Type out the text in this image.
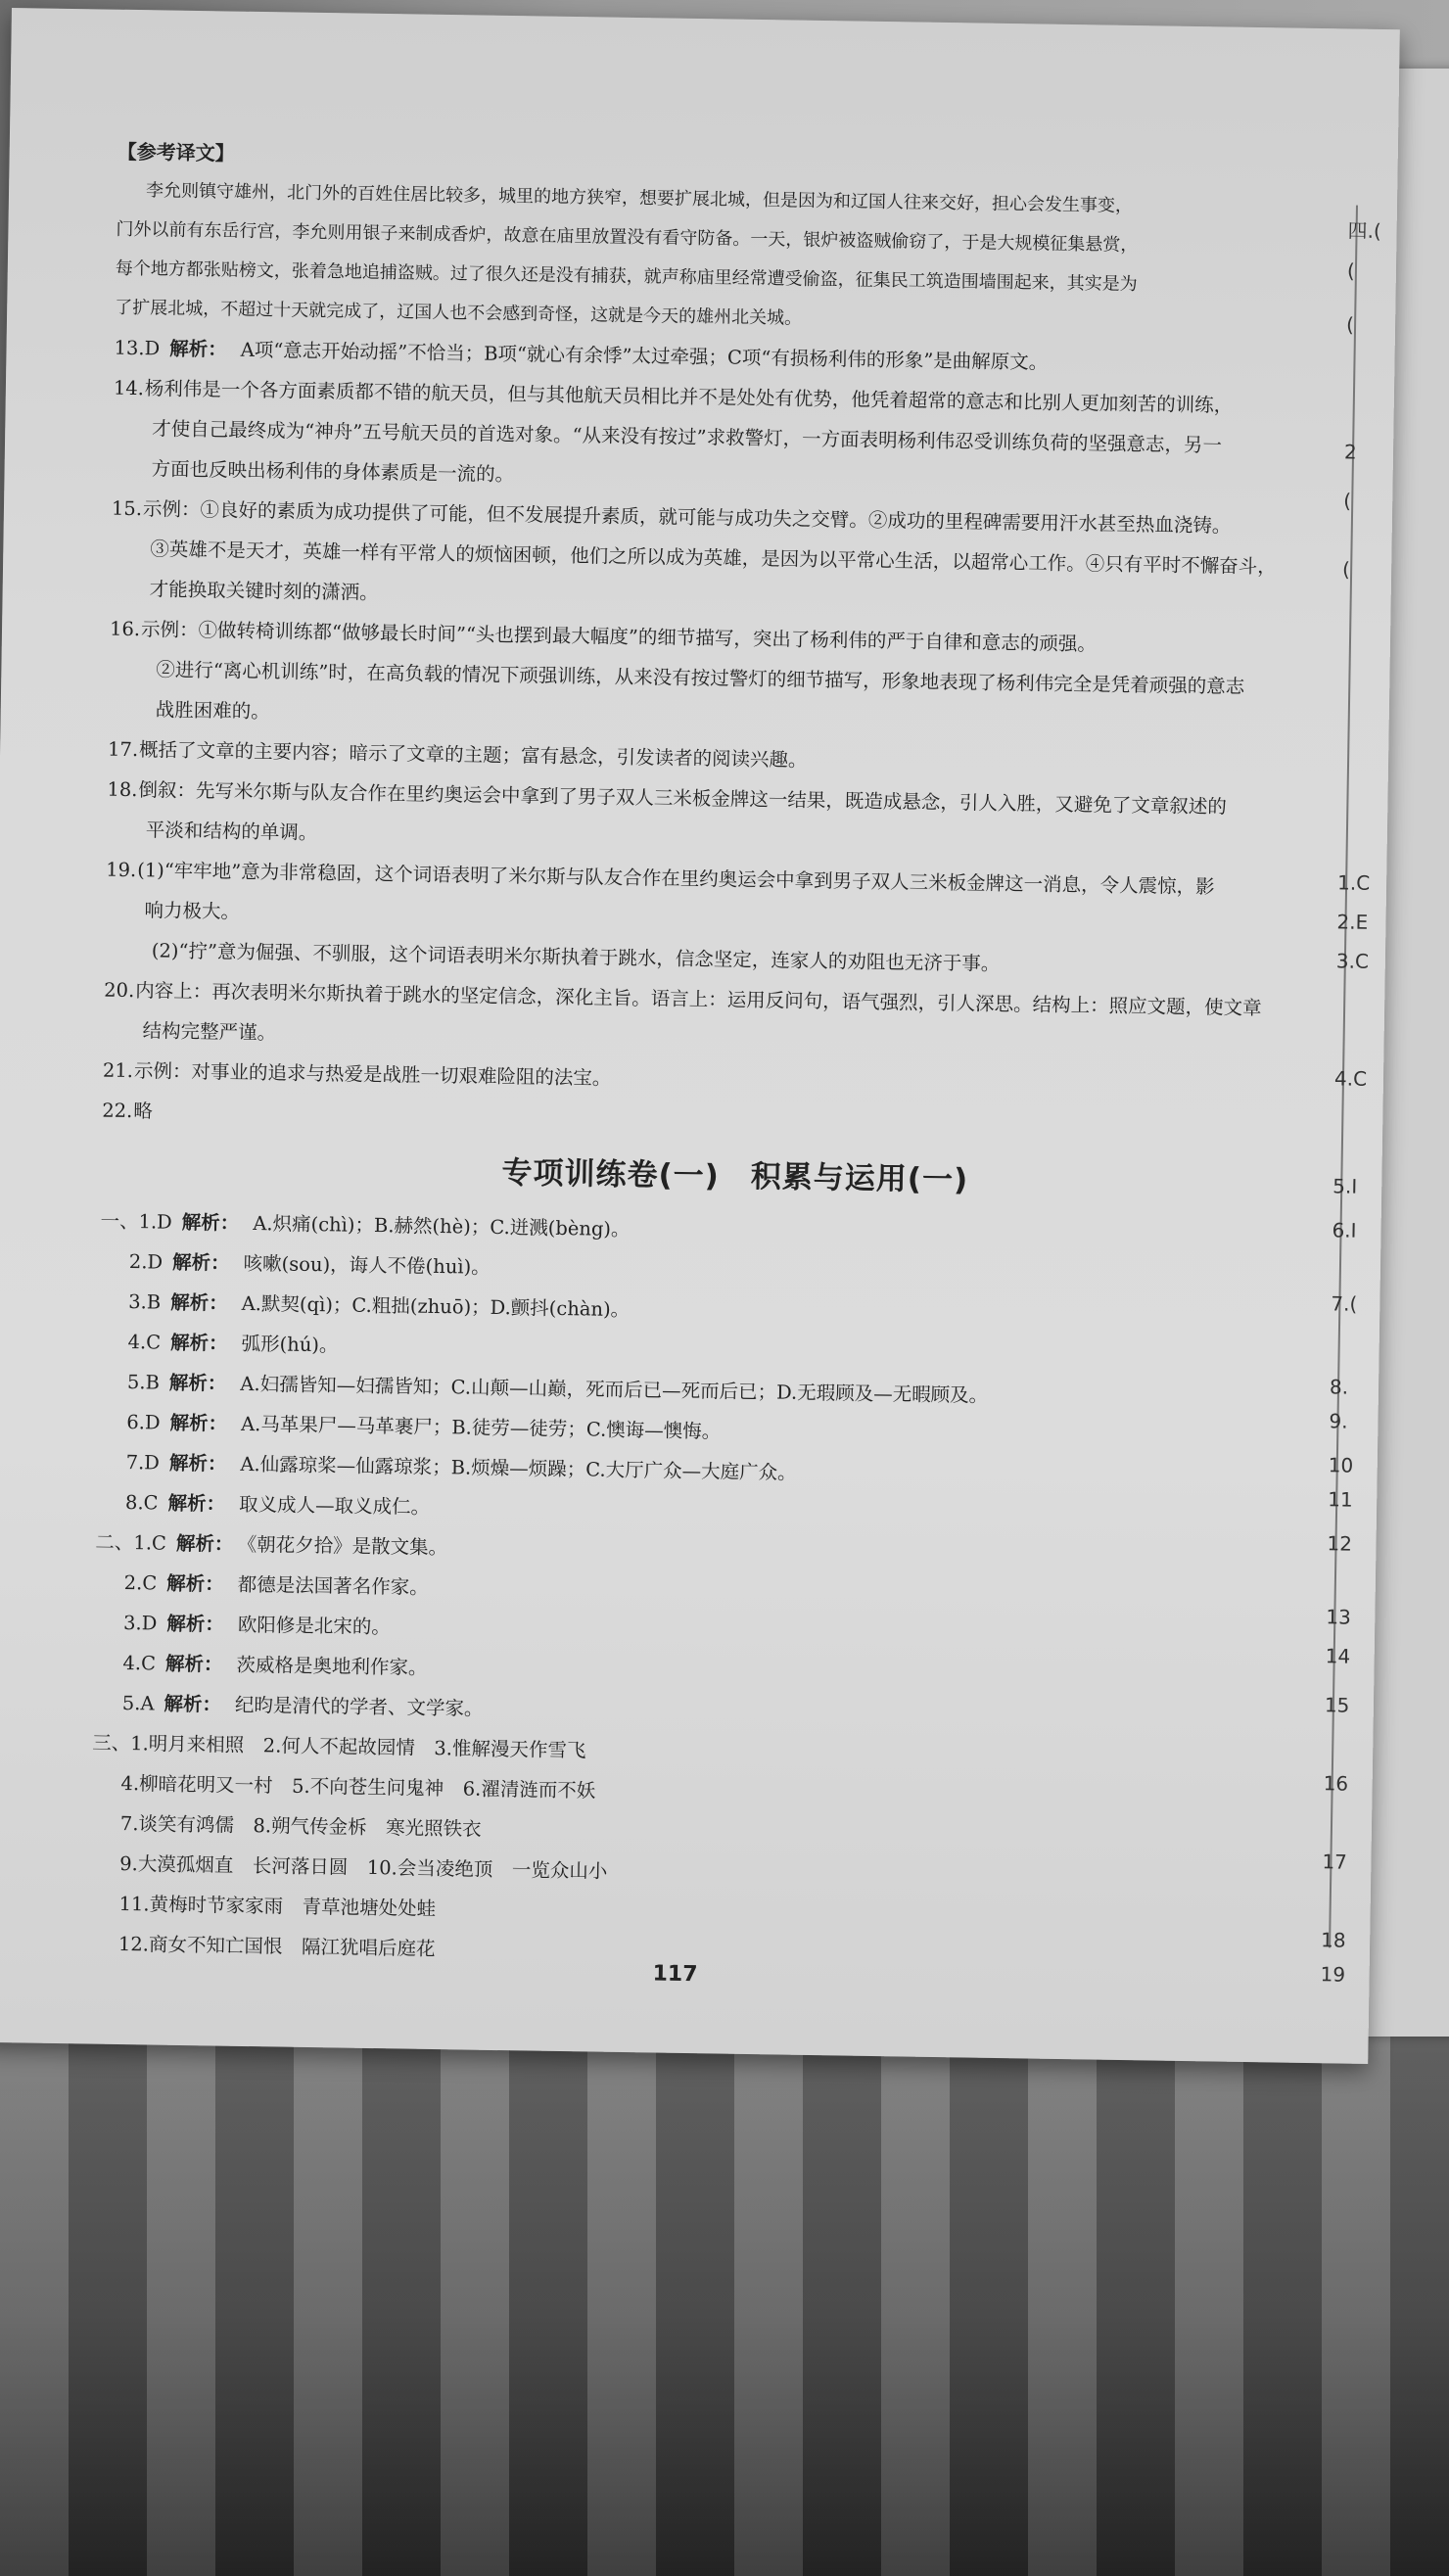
【参考译文】
李允则镇守雄州，北门外的百姓住居比较多，城里的地方狭窄，想要扩展北城，但是因为和辽国人往来交好，担心会发生事变，
门外以前有东岳行宫，李允则用银子来制成香炉，故意在庙里放置没有看守防备。一天，银炉被盗贼偷窃了，于是大规模征集悬赏，
每个地方都张贴榜文，张着急地追捕盗贼。过了很久还是没有捕获，就声称庙里经常遭受偷盗，征集民工筑造围墙围起来，其实是为
了扩展北城，不超过十天就完成了，辽国人也不会感到奇怪，这就是今天的雄州北关城。
13.D 解析： A项“意志开始动摇”不恰当；B项“就心有余悸”太过牵强；C项“有损杨利伟的形象”是曲解原文。
14.杨利伟是一个各方面素质都不错的航天员，但与其他航天员相比并不是处处有优势，他凭着超常的意志和比别人更加刻苦的训练，
才使自己最终成为“神舟”五号航天员的首选对象。“从来没有按过”求救警灯，一方面表明杨利伟忍受训练负荷的坚强意志，另一
方面也反映出杨利伟的身体素质是一流的。
15.示例：①良好的素质为成功提供了可能，但不发展提升素质，就可能与成功失之交臂。②成功的里程碑需要用汗水甚至热血浇铸。
③英雄不是天才，英雄一样有平常人的烦恼困顿，他们之所以成为英雄，是因为以平常心生活，以超常心工作。④只有平时不懈奋斗，
才能换取关键时刻的潇洒。
16.示例：①做转椅训练都“做够最长时间”“头也摆到最大幅度”的细节描写，突出了杨利伟的严于自律和意志的顽强。
②进行“离心机训练”时，在高负载的情况下顽强训练，从来没有按过警灯的细节描写，形象地表现了杨利伟完全是凭着顽强的意志
战胜困难的。
17.概括了文章的主要内容；暗示了文章的主题；富有悬念，引发读者的阅读兴趣。
18.倒叙：先写米尔斯与队友合作在里约奥运会中拿到了男子双人三米板金牌这一结果，既造成悬念，引人入胜，又避免了文章叙述的
平淡和结构的单调。
19.(1)“牢牢地”意为非常稳固，这个词语表明了米尔斯与队友合作在里约奥运会中拿到男子双人三米板金牌这一消息，令人震惊，影
响力极大。
(2)“拧”意为倔强、不驯服，这个词语表明米尔斯执着于跳水，信念坚定，连家人的劝阻也无济于事。
20.内容上：再次表明米尔斯执着于跳水的坚定信念，深化主旨。语言上：运用反问句，语气强烈，引人深思。结构上：照应文题，使文章
结构完整严谨。
21.示例：对事业的追求与热爱是战胜一切艰难险阻的法宝。
22.略
专项训练卷(一)　积累与运用(一)
一、1.D 解析： A.炽痛(chì)；B.赫然(hè)；C.迸溅(bèng)。
2.D 解析： 咳嗽(sou)，诲人不倦(huì)。
3.B 解析： A.默契(qì)；C.粗拙(zhuō)；D.颤抖(chàn)。
4.C 解析： 弧形(hú)。
5.B 解析： A.妇孺皆知—妇孺皆知；C.山颠—山巅，死而后已—死而后已；D.无瑕顾及—无暇顾及。
6.D 解析： A.马革果尸—马革裹尸；B.徒劳—徒劳；C.懊诲—懊悔。
7.D 解析： A.仙露琼桨—仙露琼浆；B.烦燥—烦躁；C.大厅广众—大庭广众。
8.C 解析： 取义成人—取义成仁。
二、1.C 解析： 《朝花夕拾》是散文集。
2.C 解析： 都德是法国著名作家。
3.D 解析： 欧阳修是北宋的。
4.C 解析： 茨威格是奥地利作家。
5.A 解析： 纪昀是清代的学者、文学家。
三、1.明月来相照　2.何人不起故园情　3.惟解漫天作雪飞
4.柳暗花明又一村　5.不向苍生问鬼神　6.濯清涟而不妖
7.谈笑有鸿儒　8.朔气传金柝　寒光照铁衣
9.大漠孤烟直　长河落日圆　10.会当凌绝顶　一览众山小
11.黄梅时节家家雨　青草池塘处处蛙
12.商女不知亡国恨　隔江犹唱后庭花
117
四.(
(
(
2
(
(
1.C
2.E
3.C
4.C
5.I
6.I
7.(
8.
9.
10
11
12
13
14
15
16
17
18
19
